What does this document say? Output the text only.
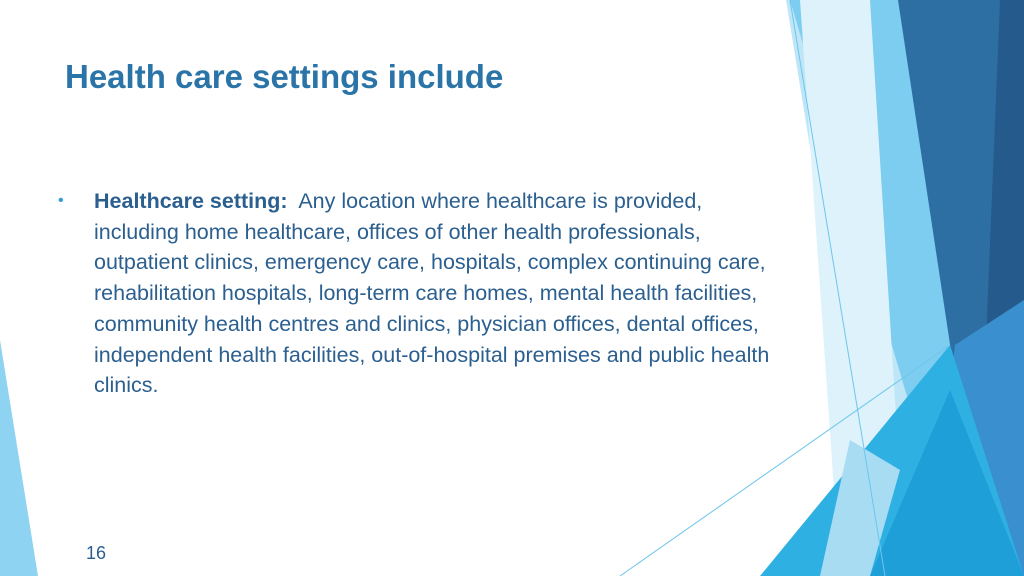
Health care settings include
• Healthcare setting: Any location where healthcare is provided, including home healthcare, offices of other health professionals, outpatient clinics, emergency care, hospitals, complex continuing care, rehabilitation hospitals, long-term care homes, mental health facilities, community health centres and clinics, physician offices, dental offices, independent health facilities, out-of-hospital premises and public health clinics.
16
